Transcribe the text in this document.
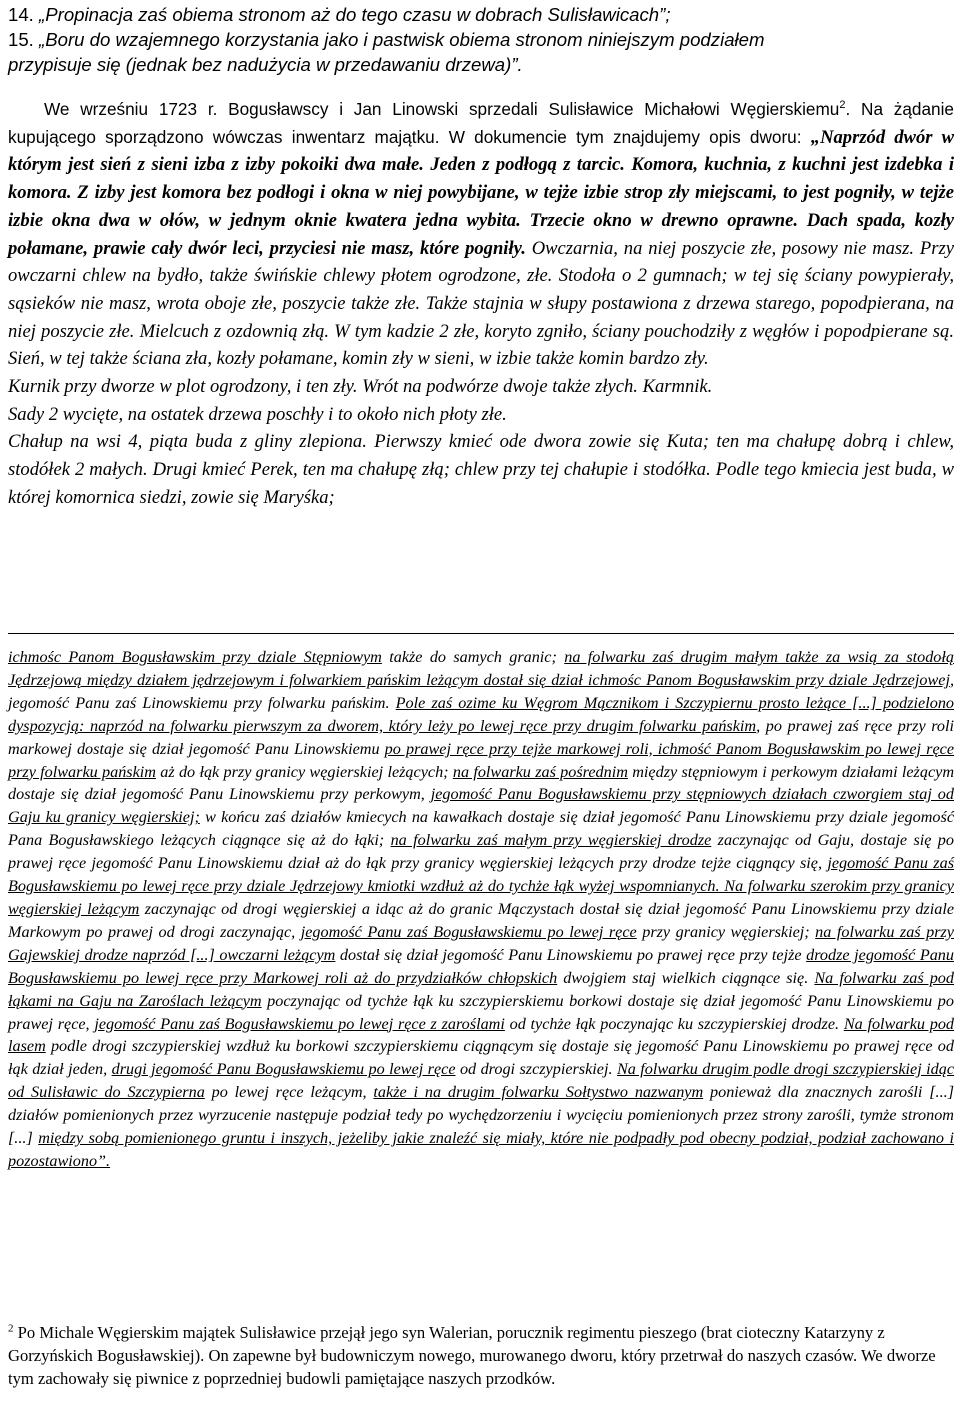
14. „Propinacja zaś obiema stronom aż do tego czasu w dobrach Sulisławicach”;
15. „Boru do wzajemnego korzystania jako i pastwisk obiema stronom niniejszym podziałem
przypisuje się (jednak bez nadużycia w przedawaniu drzewa)”.
We wrześniu 1723 r. Bogusławscy i Jan Linowski sprzedali Sulisławice Michałowi Węgierskiemu$^2$. Na żądanie kupującego sporządzono wówczas inwentarz majątku. W dokumencie tym znajdujemy opis dworu: „Naprzód dwór w którym jest sień z sieni izba z izby pokoiki dwa małe. Jeden z podłogą z tarcic. Komora, kuchnia, z kuchni jest izdebka i komora. Z izby jest komora bez podłogi i okna w niej powybijane, w tejże izbie strop zły miejscami, to jest pogniły, w tejże izbie okna dwa w ołów, w jednym oknie kwatera jedna wybita. Trzecie okno w drewno oprawne. Dach spada, kozły połamane, prawie cały dwór leci, przyciesi nie masz, które pogniły. Owczarnia, na niej poszycie złe, posowy nie masz. Przy owczarni chlew na bydło, także świńskie chlewy płotem ogrodzone, złe. Stodoła o 2 gumnach; w tej się ściany powypierały, sąsieków nie masz, wrota oboje złe, poszycie także złe. Także stajnia w słupy postawiona z drzewa starego, popodpierana, na niej poszycie złe. Mielcuch z ozdownią złą. W tym kadzie 2 złe, koryto zgniło, ściany pouchodziły z węgłów i popodpierane są. Sień, w tej także ściana zła, kozły połamane, komin zły w sieni, w izbie także komin bardzo zły.
Kurnik przy dworze w plot ogrodzony, i ten zły. Wrót na podwórze dwoje także złych. Karmnik.
Sady 2 wycięte, na ostatek drzewa poschły i to około nich płoty złe.
Chałup na wsi 4, piąta buda z gliny zlepiona. Pierwszy kmieć ode dwora zowie się Kuta; ten ma chałupę dobrą i chlew, stodółek 2 małych. Drugi kmieć Perek, ten ma chałupę złą; chlew przy tej chałupie i stodółka. Podle tego kmiecia jest buda, w której komornica siedzi, zowie się Maryśka;
ichmośc Panom Bogusławskim przy dziale Stępniowym także do samych granic; na folwarku zaś drugim małym także za wsią za stodołą Jędrzejową między działem jędrzejowym i folwarkiem pańskim leżącym dostał się dział ichmośc Panom Bogusławskim przy dziale Jędrzejowej, jegomość Panu zaś Linowskiemu przy folwarku pańskim. Pole zaś ozime ku Węgrom Mącznikom i Szczypiernu prosto leżące [...] podzielono dyspozycją: naprzód na folwarku pierwszym za dworem, który leży po lewej ręce przy drugim folwarku pańskim, po prawej zaś ręce przy roli markowej dostaje się dział jegomość Panu Linowskiemu po prawej ręce przy tejże markowej roli, ichmość Panom Bogusławskim po lewej ręce przy folwarku pańskim aż do łąk przy granicy węgierskiej leżących; na folwarku zaś pośrednim między stępniowym i perkowym działami leżącym dostaje się dział jegomość Panu Linowskiemu przy perkowym, jegomość Panu Bogusławskiemu przy stępniowych działach czworgiem staj od Gaju ku granicy węgierskiej; w końcu zaś działów kmiecych na kawałkach dostaje się dział jegomość Panu Linowskiemu przy dziale jegomość Pana Bogusławskiego leżących ciągnące się aż do łąki; na folwarku zaś małym przy węgierskiej drodze zaczynając od Gaju, dostaje się po prawej ręce jegomość Panu Linowskiemu dział aż do łąk przy granicy węgierskiej leżących przy drodze tejże ciągnący się, jegomość Panu zaś Bogusławskiemu po lewej ręce przy dziale Jędrzejowy kmiotki wzdłuż aż do tychże łąk wyżej wspomnianych. Na folwarku szerokim przy granicy węgierskiej leżącym zaczynając od drogi węgierskiej a idąc aż do granic Mączystach dostał się dział jegomość Panu Linowskiemu przy dziale Markowym po prawej od drogi zaczynając, jegomość Panu zaś Bogusławskiemu po lewej ręce przy granicy węgierskiej; na folwarku zaś przy Gajewskiej drodze naprzód [...] owczarni leżącym dostał się dział jegomość Panu Linowskiemu po prawej ręce przy tejże drodze jegomość Panu Bogusławskiemu po lewej ręce przy Markowej roli aż do przydziałków chłopskich dwojgiem staj wielkich ciągnące się. Na folwarku zaś pod łąkami na Gaju na Zaroślach leżącym poczynając od tychże łąk ku szczypierskiemu borkowi dostaje się dział jegomość Panu Linowskiemu po prawej ręce, jegomość Panu zaś Bogusławskiemu po lewej ręce z zaroślami od tychże łąk poczynając ku szczypierskiej drodze. Na folwarku pod lasem podle drogi szczypierskiej wzdłuż ku borkowi szczypierskiemu ciągnącym się dostaje się jegomość Panu Linowskiemu po prawej ręce od łąk dział jeden, drugi jegomość Panu Bogusławskiemu po lewej ręce od drogi szczypierskiej. Na folwarku drugim podle drogi szczypierskiej idąc od Sulisławic do Szczypierna po lewej ręce leżącym, także i na drugim folwarku Sołtystwo nazwanym ponieważ dla znacznych zarośli [...] działów pomienionych przez wyrzucenie następuje podział tedy po wychędzorzeniu i wycięciu pomienionych przez strony zarośli, tymże stronom [...] między sobą pomienionego gruntu i inszych, jeżeliby jakie znaleźć się miały, które nie podpadły pod obecny podział, podział zachowano i pozostawiono”.
$^2$ Po Michale Węgierskim majątek Sulisławice przejął jego syn Walerian, porucznik regimentu pieszego (brat cioteczny Katarzyny z Gorzyńskich Bogusławskiej). On zapewne był budowniczym nowego, murowanego dworu, który przetrwał do naszych czasów. We dworze tym zachowały się piwnice z poprzedniej budowli pamiętające naszych przodków.
